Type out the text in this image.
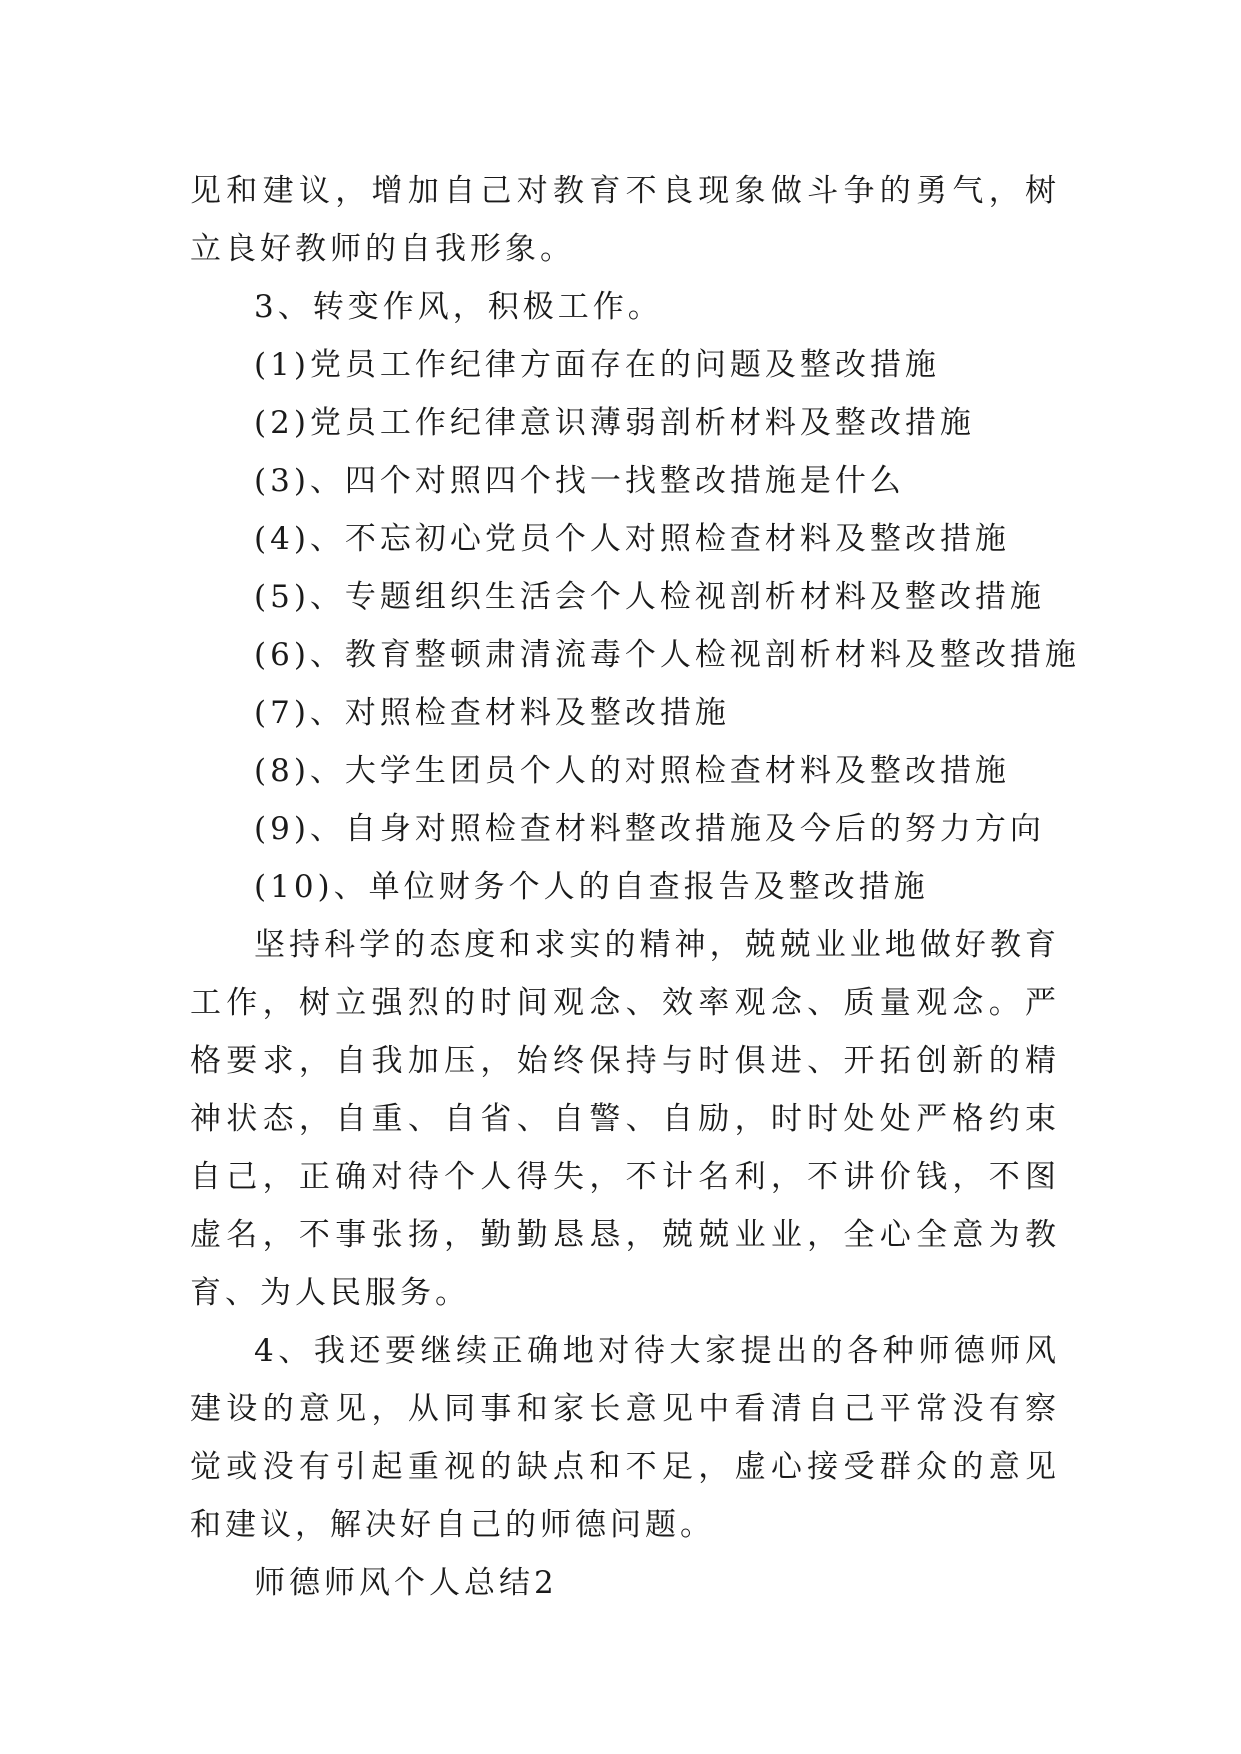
见和建议，增加自己对教育不良现象做斗争的勇气，树立良好教师的自我形象。

3、转变作风，积极工作。

(1)党员工作纪律方面存在的问题及整改措施

(2)党员工作纪律意识薄弱剖析材料及整改措施

(3)、四个对照四个找一找整改措施是什么

(4)、不忘初心党员个人对照检查材料及整改措施

(5)、专题组织生活会个人检视剖析材料及整改措施

(6)、教育整顿肃清流毒个人检视剖析材料及整改措施

(7)、对照检查材料及整改措施

(8)、大学生团员个人的对照检查材料及整改措施

(9)、自身对照检查材料整改措施及今后的努力方向

(10)、单位财务个人的自查报告及整改措施

坚持科学的态度和求实的精神，兢兢业业地做好教育工作，树立强烈的时间观念、效率观念、质量观念。严格要求，自我加压，始终保持与时俱进、开拓创新的精神状态，自重、自省、自警、自励，时时处处严格约束自己，正确对待个人得失，不计名利，不讲价钱，不图虚名，不事张扬，勤勤恳恳，兢兢业业，全心全意为教育、为人民服务。

4、我还要继续正确地对待大家提出的各种师德师风建设的意见，从同事和家长意见中看清自己平常没有察觉或没有引起重视的缺点和不足，虚心接受群众的意见和建议，解决好自己的师德问题。

师德师风个人总结2
